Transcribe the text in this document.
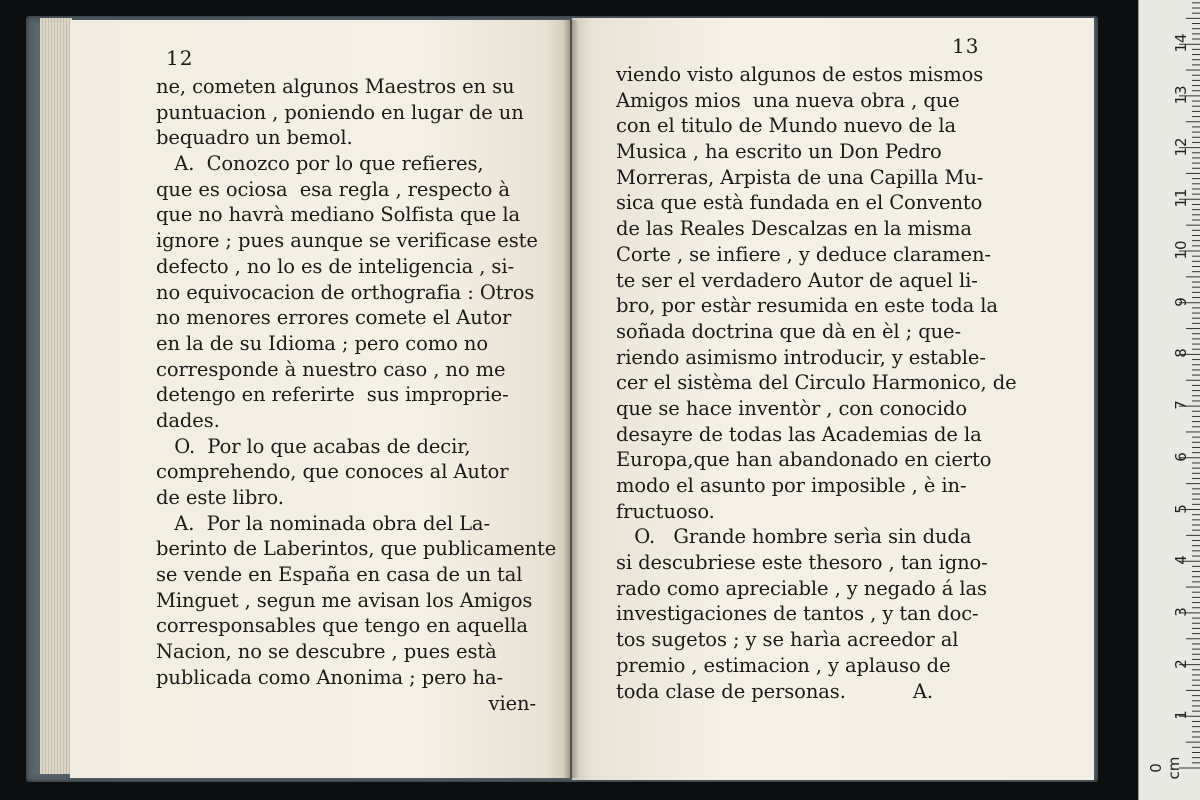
12
ne, cometen algunos Maestros en su
puntuacion , poniendo en lugar de un
bequadro un bemol.
A.  Conozco por lo que refieres,
que es ociosa  esa regla , respecto à
que no havrà mediano Solfista que la
ignore ; pues aunque se verificase este
defecto , no lo es de inteligencia , si-
no equivocacion de orthografia : Otros
no menores errores comete el Autor
en la de su Idioma ; pero como no
corresponde à nuestro caso , no me
detengo en referirte  sus improprie-
dades.
O.  Por lo que acabas de decir,
comprehendo, que conoces al Autor
de este libro.
A.  Por la nominada obra del La-
berinto de Laberintos, que publicamente
se vende en España en casa de un tal
Minguet , segun me avisan los Amigos
corresponsables que tengo en aquella
Nacion, no se descubre , pues està
publicada como Anonima ; pero ha-
vien-
13
viendo visto algunos de estos mismos
Amigos mios  una nueva obra , que
con el titulo de Mundo nuevo de la
Musica , ha escrito un Don Pedro
Morreras, Arpista de una Capilla Mu-
sica que està fundada en el Convento
de las Reales Descalzas en la misma
Corte , se infiere , y deduce claramen-
te ser el verdadero Autor de aquel li-
bro, por estàr resumida en este toda la
soñada doctrina que dà en èl ; que-
riendo asimismo introducir, y estable-
cer el sistèma del Circulo Harmonico, de
que se hace inventòr , con conocido
desayre de todas las Academias de la
Europa,que han abandonado en cierto
modo el asunto por imposible , è in-
fructuoso.
O.   Grande hombre serìa sin duda
si descubriese este thesoro , tan igno-
rado como apreciable , y negado á las
investigaciones de tantos , y tan doc-
tos sugetos ; y se harìa acreedor al
premio , estimacion , y aplauso de
toda clase de personas.           A.
0 cm
1
2
3
4
5
6
7
8
9
10
11
12
13
14
